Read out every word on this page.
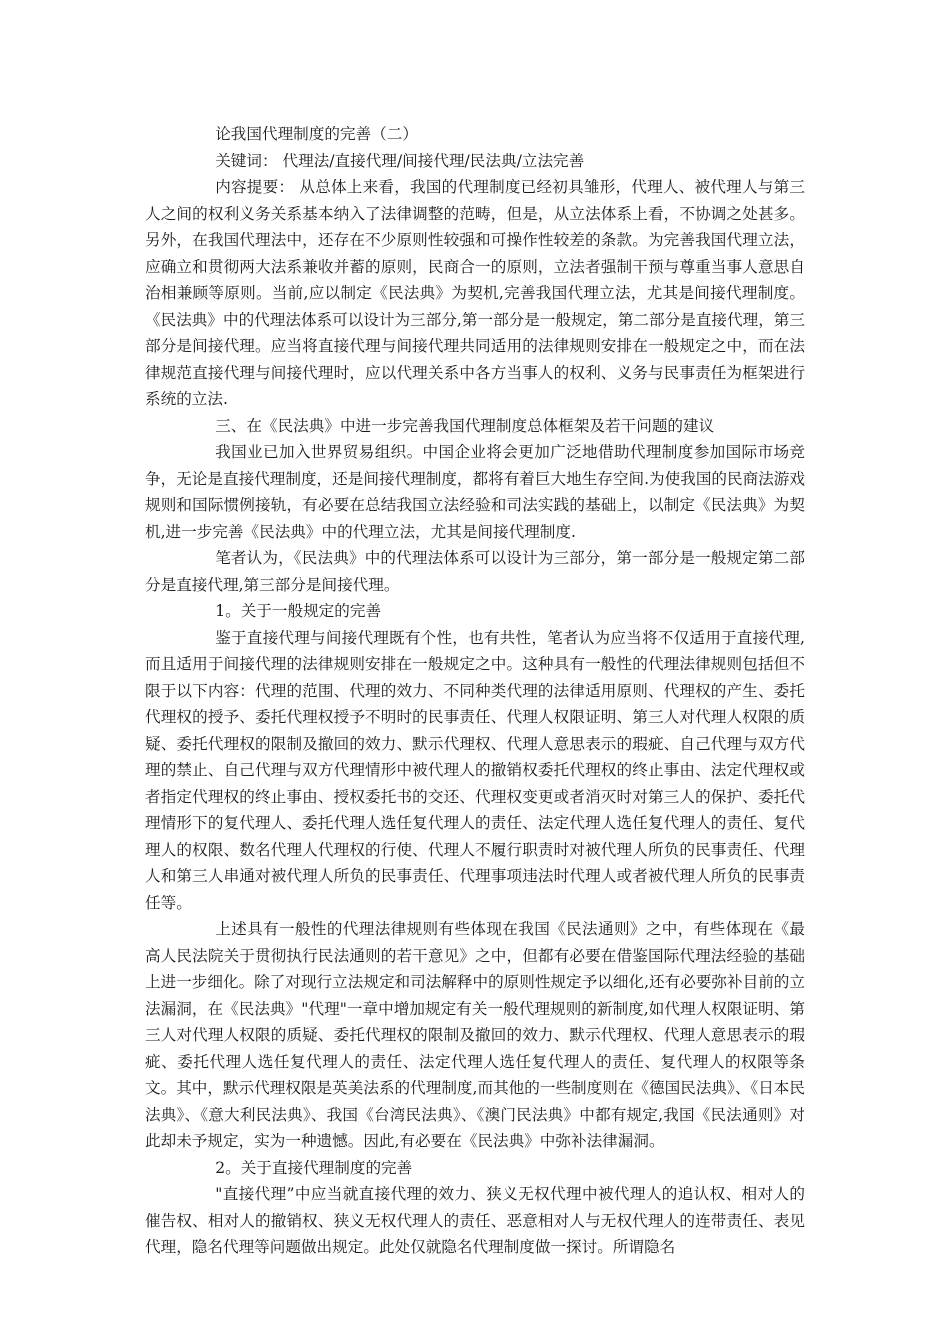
论我国代理制度的完善（二）

关键词： 代理法/直接代理/间接代理/民法典/立法完善

内容提要： 从总体上来看，我国的代理制度已经初具雏形，代理人、被代理人与第三人之间的权利义务关系基本纳入了法律调整的范畴，但是，从立法体系上看，不协调之处甚多。另外，在我国代理法中，还存在不少原则性较强和可操作性较差的条款。为完善我国代理立法，应确立和贯彻两大法系兼收并蓄的原则，民商合一的原则，立法者强制干预与尊重当事人意思自治相兼顾等原则。当前,应以制定《民法典》为契机,完善我国代理立法，尤其是间接代理制度。《民法典》中的代理法体系可以设计为三部分,第一部分是一般规定，第二部分是直接代理，第三部分是间接代理。应当将直接代理与间接代理共同适用的法律规则安排在一般规定之中，而在法律规范直接代理与间接代理时，应以代理关系中各方当事人的权利、义务与民事责任为框架进行系统的立法.

三、在《民法典》中进一步完善我国代理制度总体框架及若干问题的建议

我国业已加入世界贸易组织。中国企业将会更加广泛地借助代理制度参加国际市场竞争，无论是直接代理制度，还是间接代理制度，都将有着巨大地生存空间.为使我国的民商法游戏规则和国际惯例接轨，有必要在总结我国立法经验和司法实践的基础上，以制定《民法典》为契机,进一步完善《民法典》中的代理立法，尤其是间接代理制度.

笔者认为，《民法典》中的代理法体系可以设计为三部分，第一部分是一般规定第二部分是直接代理,第三部分是间接代理。

1。关于一般规定的完善

鉴于直接代理与间接代理既有个性，也有共性，笔者认为应当将不仅适用于直接代理,而且适用于间接代理的法律规则安排在一般规定之中。这种具有一般性的代理法律规则包括但不限于以下内容：代理的范围、代理的效力、不同种类代理的法律适用原则、代理权的产生、委托代理权的授予、委托代理权授予不明时的民事责任、代理人权限证明、第三人对代理人权限的质疑、委托代理权的限制及撤回的效力、默示代理权、代理人意思表示的瑕疵、自己代理与双方代理的禁止、自己代理与双方代理情形中被代理人的撤销权委托代理权的终止事由、法定代理权或者指定代理权的终止事由、授权委托书的交还、代理权变更或者消灭时对第三人的保护、委托代理情形下的复代理人、委托代理人选任复代理人的责任、法定代理人选任复代理人的责任、复代理人的权限、数名代理人代理权的行使、代理人不履行职责时对被代理人所负的民事责任、代理人和第三人串通对被代理人所负的民事责任、代理事项违法时代理人或者被代理人所负的民事责任等。

上述具有一般性的代理法律规则有些体现在我国《民法通则》之中，有些体现在《最高人民法院关于贯彻执行民法通则的若干意见》之中，但都有必要在借鉴国际代理法经验的基础上进一步细化。除了对现行立法规定和司法解释中的原则性规定予以细化,还有必要弥补目前的立法漏洞，在《民法典》"代理"一章中增加规定有关一般代理规则的新制度,如代理人权限证明、第三人对代理人权限的质疑、委托代理权的限制及撤回的效力、默示代理权、代理人意思表示的瑕疵、委托代理人选任复代理人的责任、法定代理人选任复代理人的责任、复代理人的权限等条文。其中，默示代理权限是英美法系的代理制度,而其他的一些制度则在《德国民法典》、《日本民法典》、《意大利民法典》、我国《台湾民法典》、《澳门民法典》中都有规定,我国《民法通则》对此却未予规定，实为一种遗憾。因此,有必要在《民法典》中弥补法律漏洞。

2。关于直接代理制度的完善

"直接代理”中应当就直接代理的效力、狭义无权代理中被代理人的追认权、相对人的催告权、相对人的撤销权、狭义无权代理人的责任、恶意相对人与无权代理人的连带责任、表见代理，隐名代理等问题做出规定。此处仅就隐名代理制度做一探讨。所谓隐名
